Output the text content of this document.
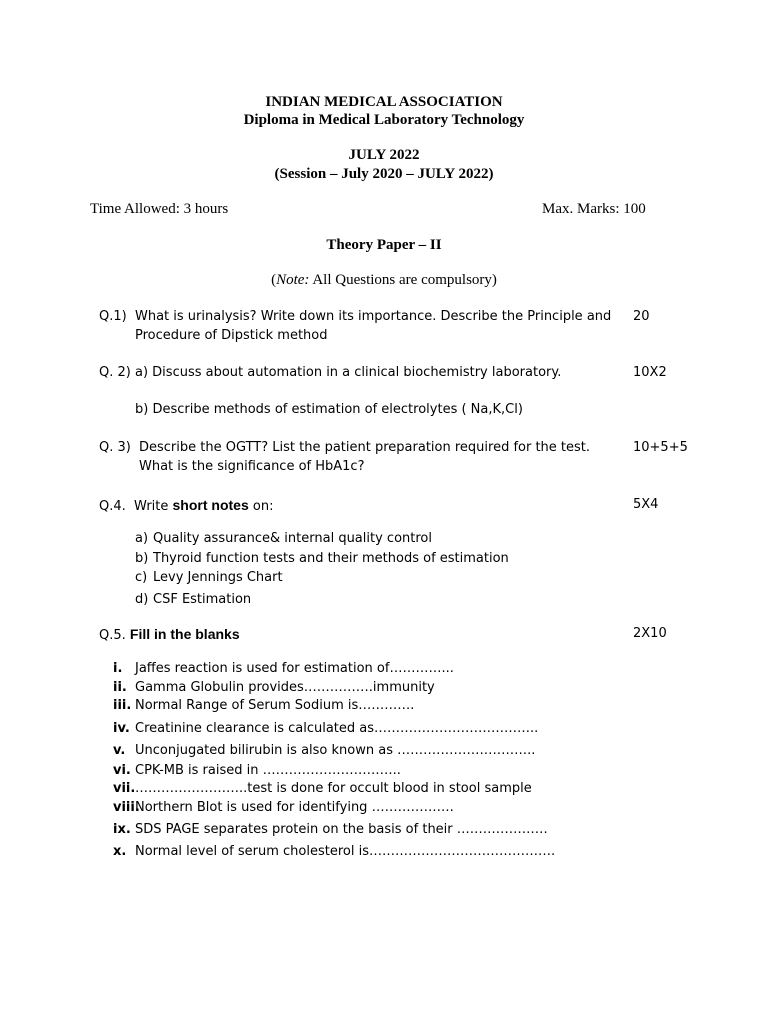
INDIAN MEDICAL ASSOCIATION
Diploma in Medical Laboratory Technology
JULY 2022
(Session – July 2020 – JULY 2022)
Time Allowed: 3 hours	Max. Marks: 100
Theory Paper – II
(Note: All Questions are compulsory)
Q.1) What is urinalysis? Write down its importance. Describe the Principle and
Procedure of Dipstick method
20
Q. 2) a) Discuss about automation in a clinical biochemistry laboratory.	10X2
b) Describe methods of estimation of electrolytes ( Na,K,Cl)
Q. 3) Describe the OGTT? List the patient preparation required for the test.
What is the significance of HbA1c?
10+5+5
Q.4. Write short notes on:	5X4
a) Quality assurance& internal quality control
b) Thyroid function tests and their methods of estimation
c) Levy Jennings Chart
d) CSF Estimation
Q.5. Fill in the blanks	2X10
i. Jaffes reaction is used for estimation of…………...
ii. Gamma Globulin provides…………….immunity
iii. Normal Range of Serum Sodium is………….
iv. Creatinine clearance is calculated as………………………………..
v. Unconjugated bilirubin is also known as …………………………..
vi. CPK-MB is raised in …………………………..
vii. ……………………..test is done for occult blood in stool sample
viii.
Northern Blot is used for identifying ……………….
ix. SDS PAGE separates protein on the basis of their …………………
x. Normal level of serum cholesterol is…………………………………….
